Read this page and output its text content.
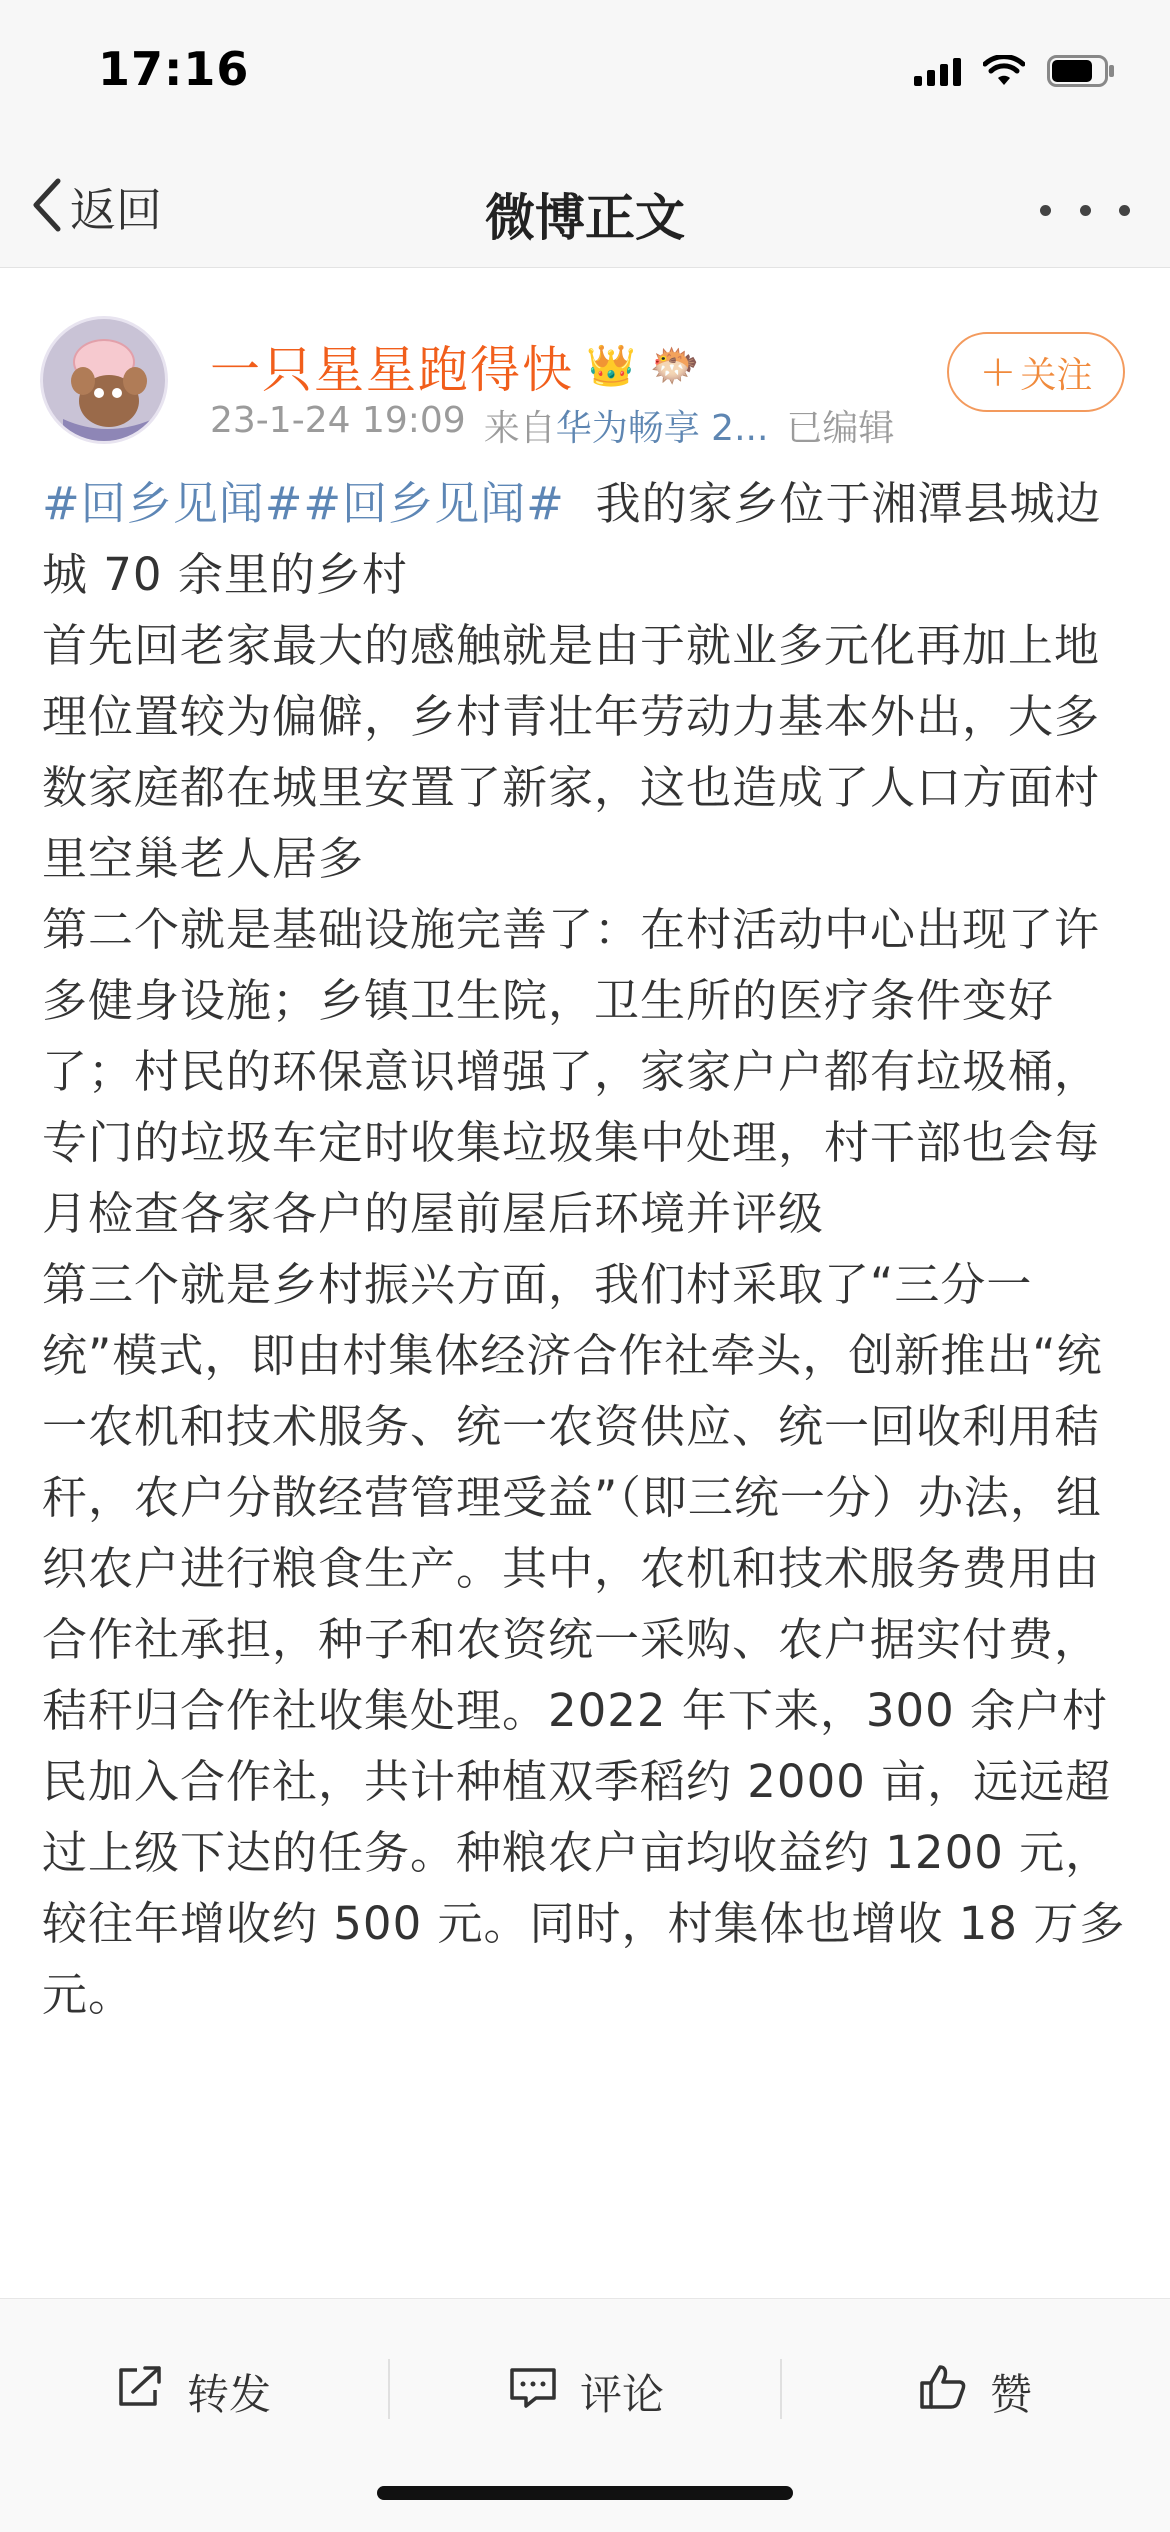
17:16
返回	微博正文
一只星星跑得快 👑 🐡
23-1-24 19:09 来自华为畅享 2... 已编辑
+ 关注

#回乡见闻##回乡见闻#  我的家乡位于湘潭县城边城 70 余里的乡村

首先回老家最大的感触就是由于就业多元化再加上地理位置较为偏僻，乡村青壮年劳动力基本外出，大多数家庭都在城里安置了新家，这也造成了人口方面村里空巢老人居多

第二个就是基础设施完善了：在村活动中心出现了许多健身设施；乡镇卫生院，卫生所的医疗条件变好了；村民的环保意识增强了，家家户户都有垃圾桶，专门的垃圾车定时收集垃圾集中处理，村干部也会每月检查各家各户的屋前屋后环境并评级

第三个就是乡村振兴方面，我们村采取了“三分一统”模式，即由村集体经济合作社牵头，创新推出“统一农机和技术服务、统一农资供应、统一回收利用秸秆，农户分散经营管理受益”（即三统一分）办法，组织农户进行粮食生产。其中，农机和技术服务费用由合作社承担，种子和农资统一采购、农户据实付费，秸秆归合作社收集处理。2022 年下来，300 余户村民加入合作社，共计种植双季稻约 2000 亩，远远超过上级下达的任务。种粮农户亩均收益约 1200 元，较往年增收约 500 元。同时，村集体也增收 18 万多元。

转发	评论	赞
